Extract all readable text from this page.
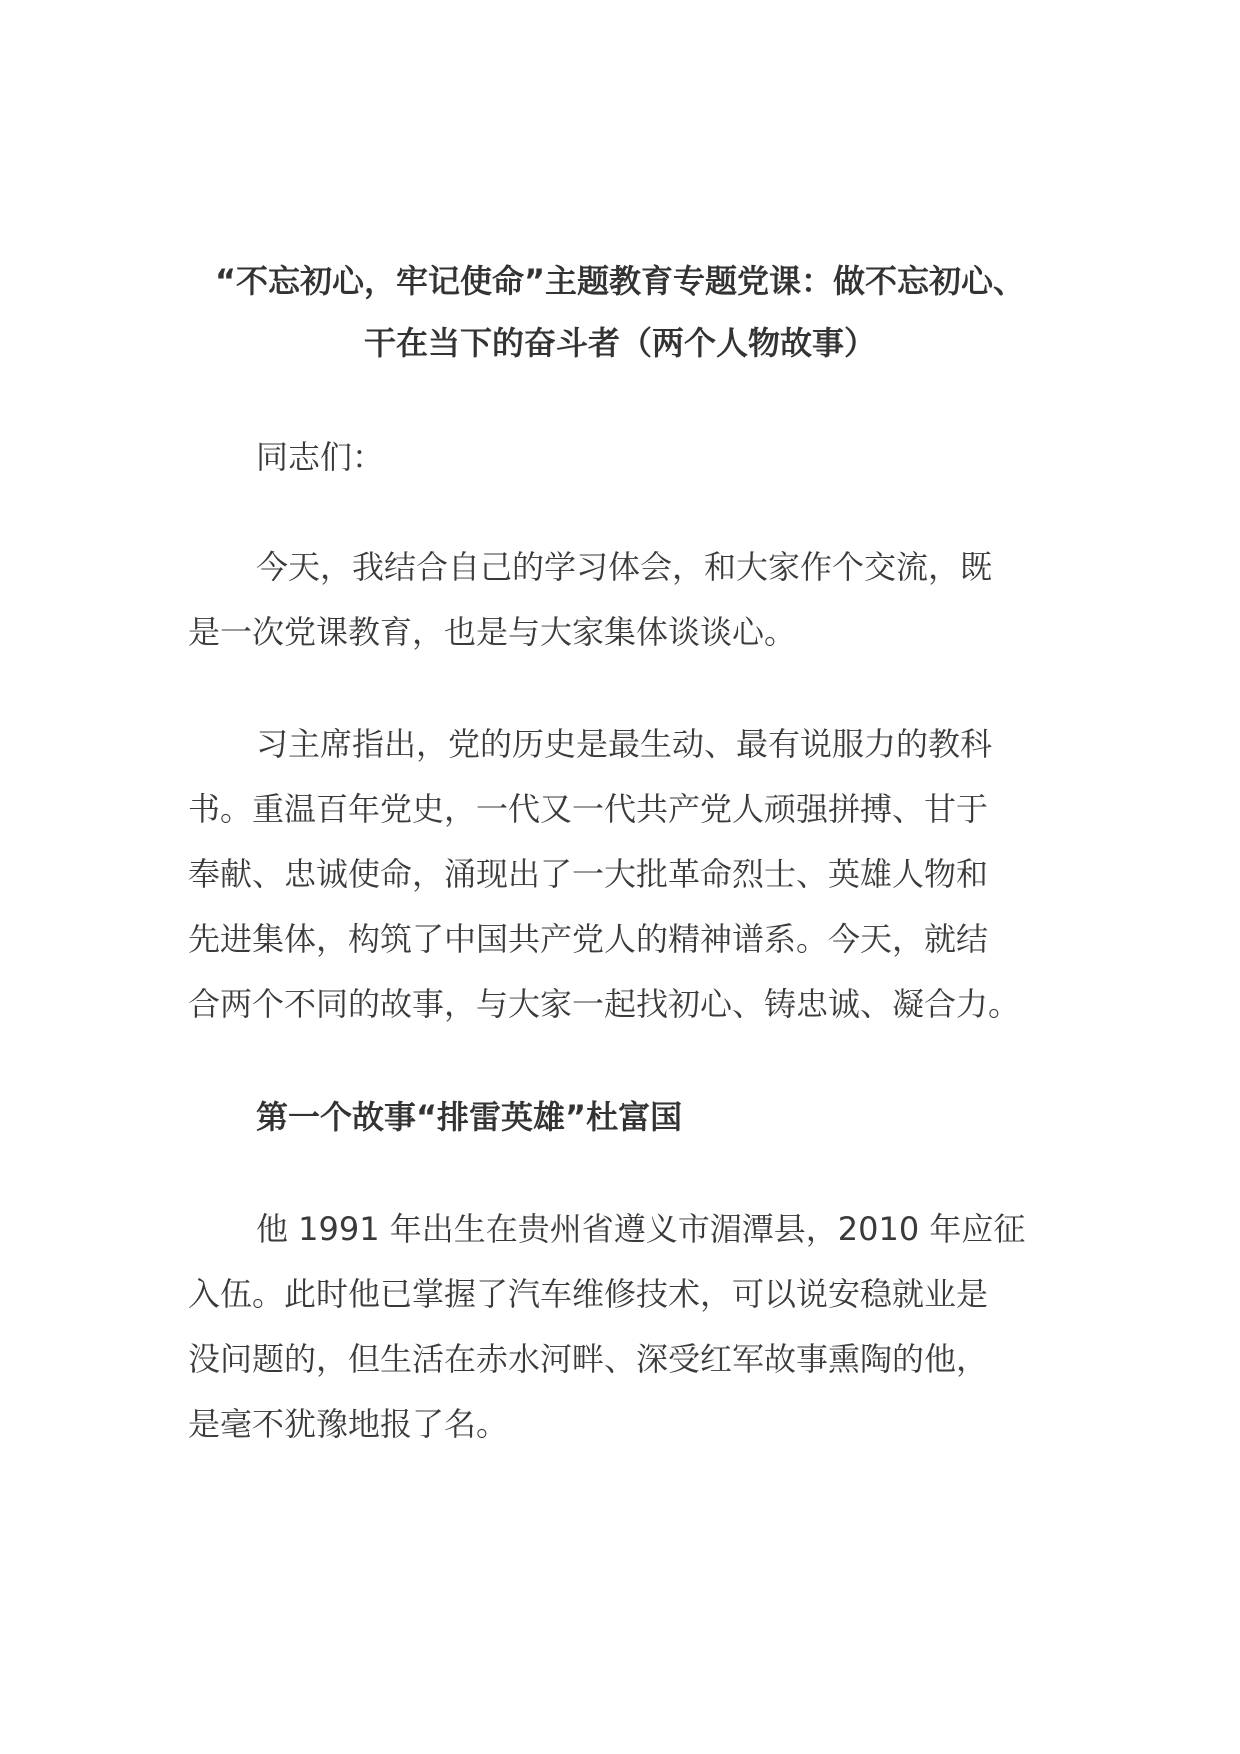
“不忘初心，牢记使命”主题教育专题党课：做不忘初心、
干在当下的奋斗者（两个人物故事）

同志们：

今天，我结合自己的学习体会，和大家作个交流，既
是一次党课教育，也是与大家集体谈谈心。

习主席指出，党的历史是最生动、最有说服力的教科
书。重温百年党史，一代又一代共产党人顽强拼搏、甘于
奉献、忠诚使命，涌现出了一大批革命烈士、英雄人物和
先进集体，构筑了中国共产党人的精神谱系。今天，就结
合两个不同的故事，与大家一起找初心、铸忠诚、凝合力。

第一个故事“排雷英雄”杜富国

他 1991 年出生在贵州省遵义市湄潭县，2010 年应征
入伍。此时他已掌握了汽车维修技术，可以说安稳就业是
没问题的，但生活在赤水河畔、深受红军故事熏陶的他，
是毫不犹豫地报了名。
